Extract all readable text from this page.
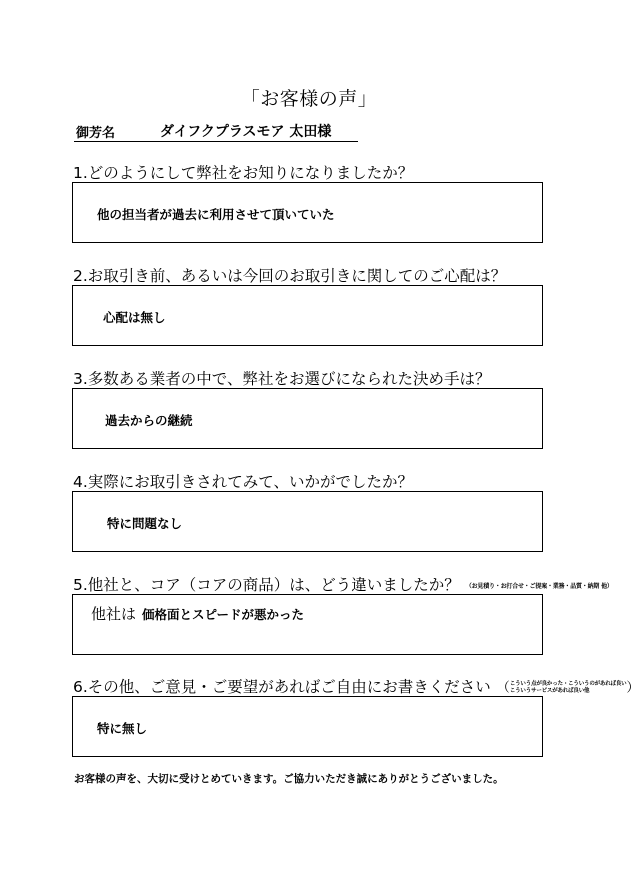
「お客様の声」
御芳名	ダイフクプラスモア 太田様
1.どのようにして弊社をお知りになりましたか？
他の担当者が過去に利用させて頂いていた
2.お取引き前、あるいは今回のお取引きに関してのご心配は？
心配は無し
3.多数ある業者の中で、弊社をお選びになられた決め手は？
過去からの継続
4.実際にお取引きされてみて、いかがでしたか？
特に問題なし
5.他社と、コア（コアの商品）は、どう違いましたか？ （お見積り・お打合せ・ご提案・業務・品質・納期 他）
他社は 価格面とスピードが悪かった
6.その他、ご意見・ご要望があればご自由にお書きください （ こういう点が良かった・こういうのがあれば良い
こういうサービスがあれば良い他	）
特に無し
お客様の声を、大切に受けとめていきます。ご協力いただき誠にありがとうございました。
